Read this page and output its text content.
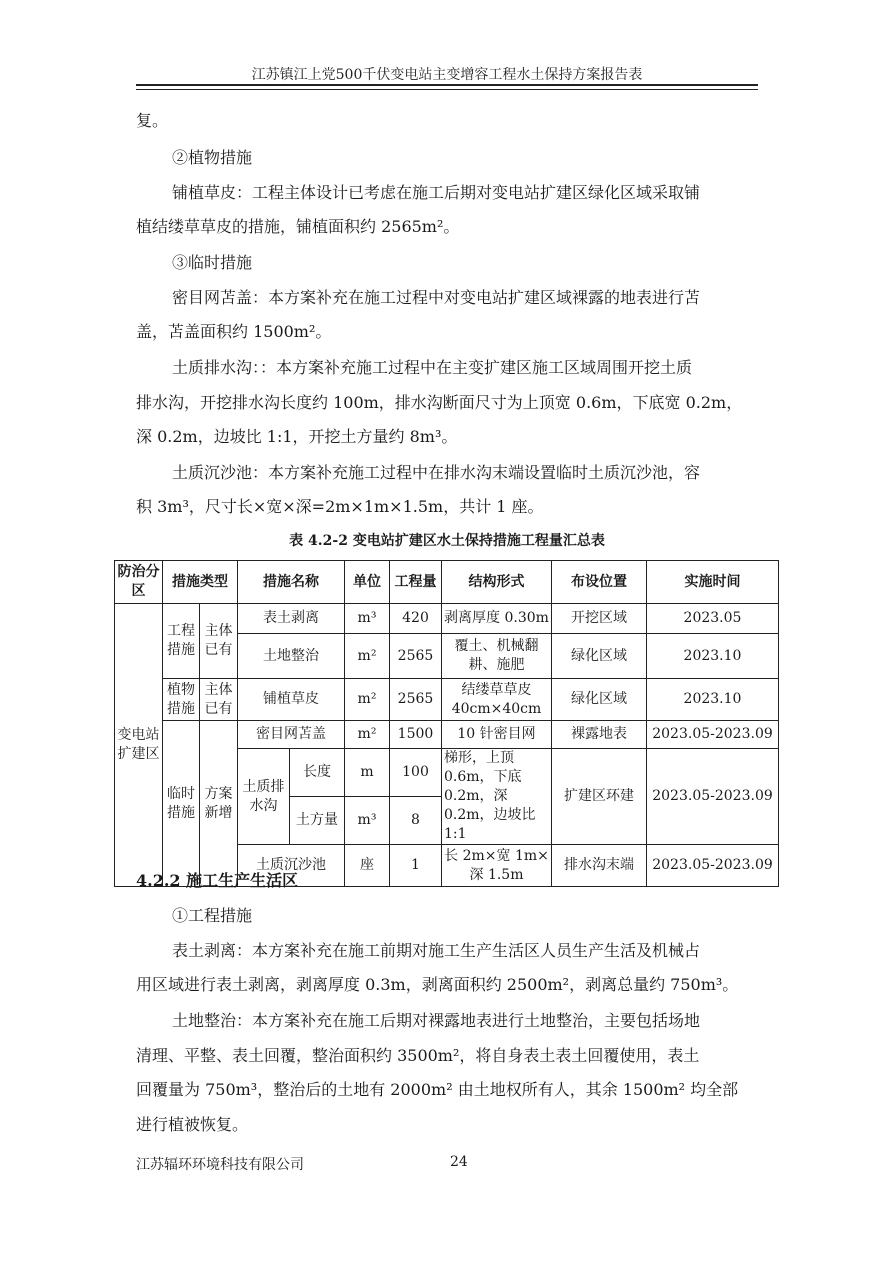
江苏镇江上党500千伏变电站主变增容工程水土保持方案报告表
复。
②植物措施
铺植草皮：工程主体设计已考虑在施工后期对变电站扩建区绿化区域采取铺
植结缕草草皮的措施，铺植面积约 2565m²。
③临时措施
密目网苫盖：本方案补充在施工过程中对变电站扩建区域裸露的地表进行苫
盖，苫盖面积约 1500m²。
土质排水沟：：本方案补充施工过程中在主变扩建区施工区域周围开挖土质
排水沟，开挖排水沟长度约 100m，排水沟断面尺寸为上顶宽 0.6m，下底宽 0.2m，
深 0.2m，边坡比 1:1，开挖土方量约 8m³。
土质沉沙池：本方案补充施工过程中在排水沟末端设置临时土质沉沙池，容
积 3m³，尺寸长×宽×深=2m×1m×1.5m，共计 1 座。
表 4.2-2 变电站扩建区水土保持措施工程量汇总表
防治分区	措施类型		措施名称		单位	工程量	结构形式	布设位置	实施时间
变电站扩建区	工程措施	主体已有	表土剥离		m³	420	剥离厚度 0.30m	开挖区域	2023.05
			土地整治		m²	2565	覆土、机械翻耕、施肥	绿化区域	2023.10
	植物措施	主体已有	铺植草皮		m²	2565	结缕草草皮 40cm×40cm	绿化区域	2023.10
	临时措施	方案新增	密目网苫盖		m²	1500	10 针密目网	裸露地表	2023.05-2023.09
			土质排水沟	长度	m	100	梯形，上顶 0.6m，下底 0.2m，深 0.2m，边坡比 1:1	扩建区环建	2023.05-2023.09
				土方量	m³	8			
			土质沉沙池		座	1	长 2m×宽 1m×深 1.5m	排水沟末端	2023.05-2023.09
4.2.2 施工生产生活区
①工程措施
表土剥离：本方案补充在施工前期对施工生产生活区人员生产生活及机械占
用区域进行表土剥离，剥离厚度 0.3m，剥离面积约 2500m²，剥离总量约 750m³。
土地整治：本方案补充在施工后期对裸露地表进行土地整治，主要包括场地
清理、平整、表土回覆，整治面积约 3500m²，将自身表土表土回覆使用，表土
回覆量为 750m³，整治后的土地有 2000m² 由土地权所有人，其余 1500m² 均全部
进行植被恢复。
江苏辐环环境科技有限公司	24
